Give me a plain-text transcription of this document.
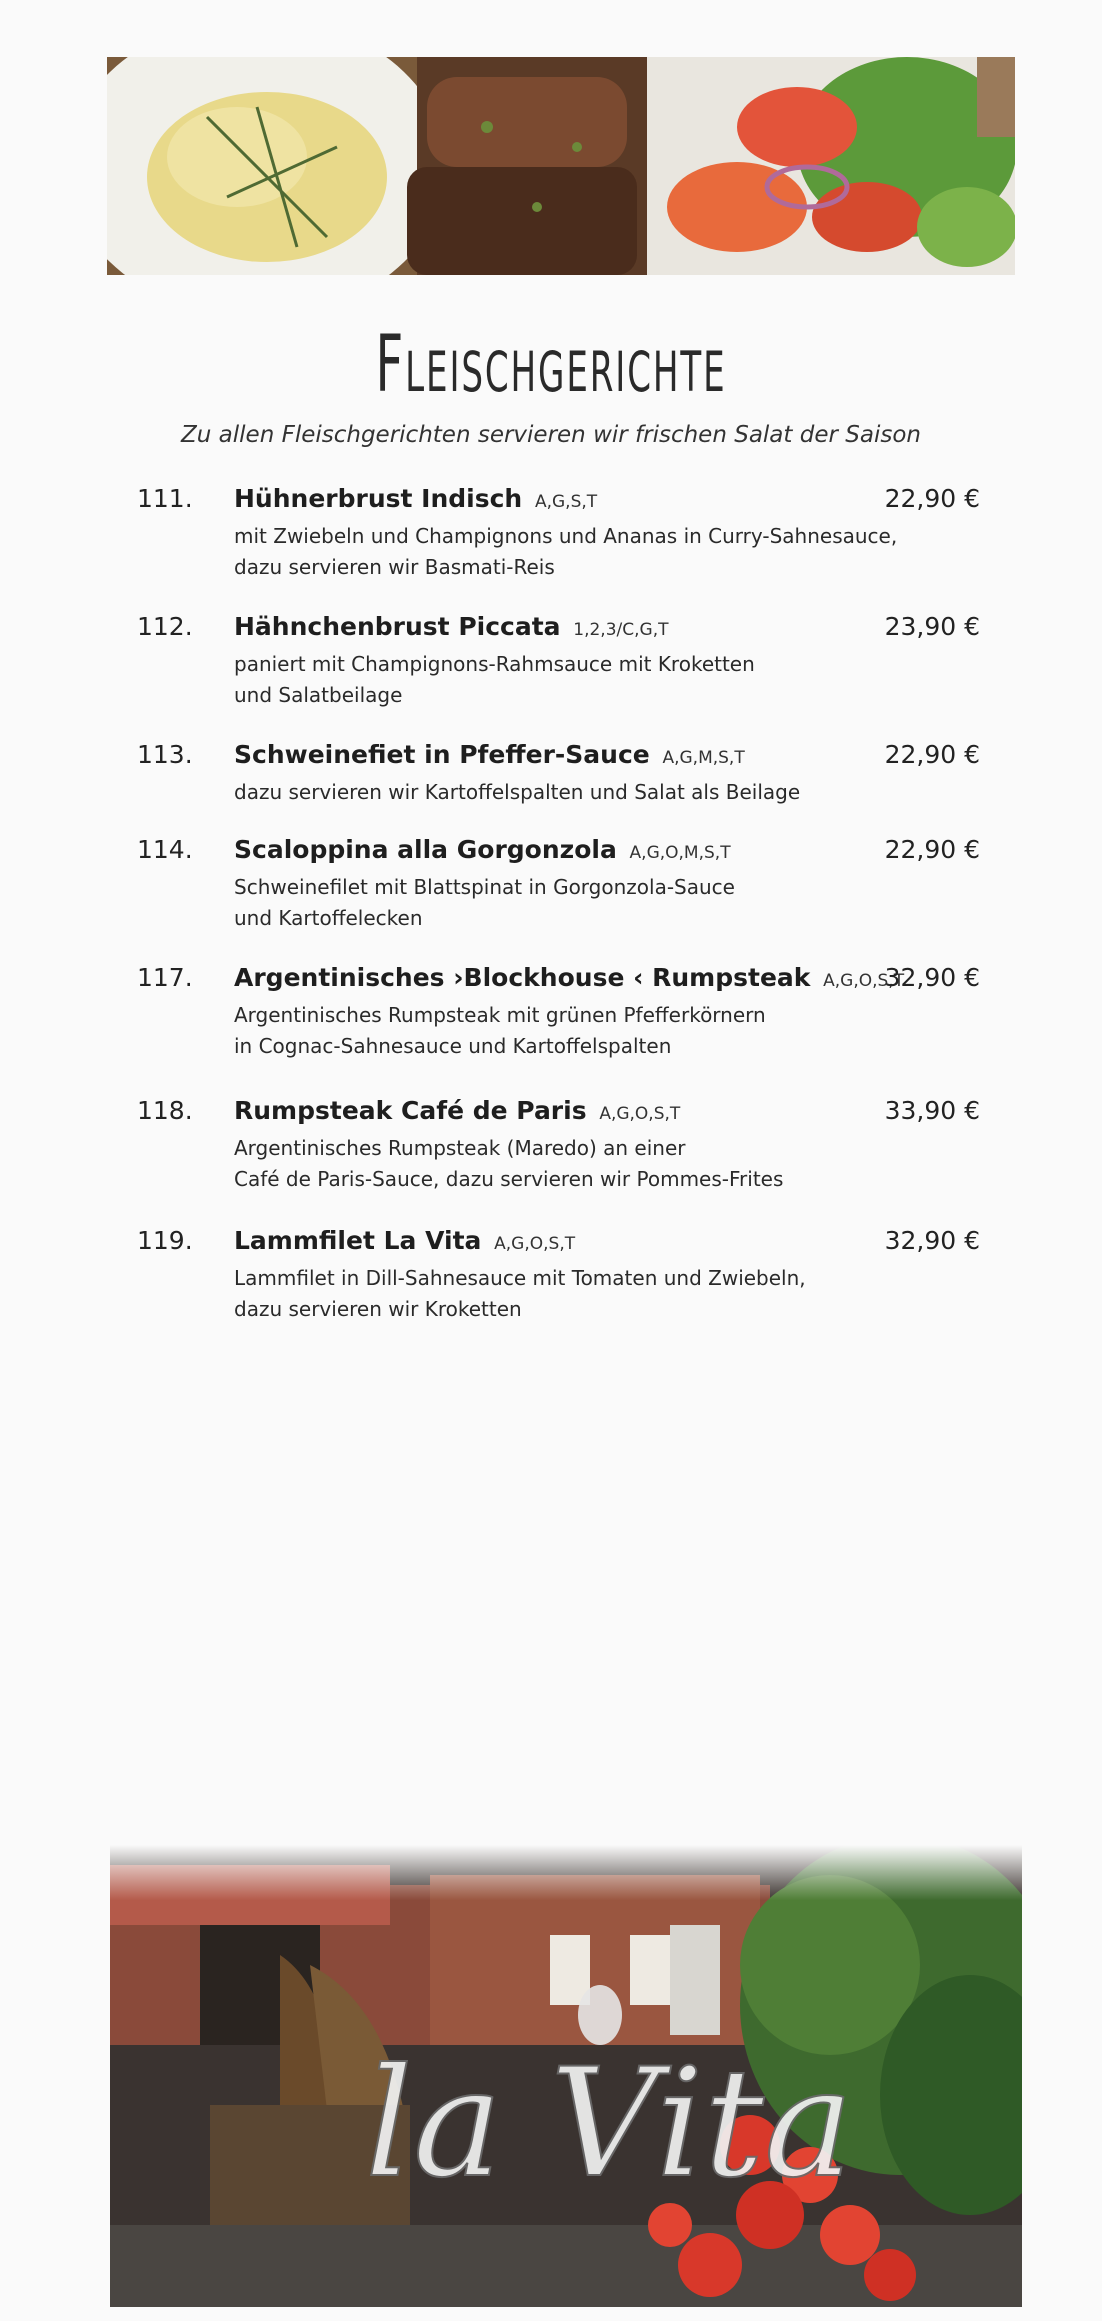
Fleischgerichte
Zu allen Fleischgerichten servieren wir frischen Salat der Saison
111. Hühnerbrust Indisch A,G,S,T	22,90 €
mit Zwiebeln und Champignons und Ananas in Curry-Sahnesauce,
dazu servieren wir Basmati-Reis
112. Hähnchenbrust Piccata 1,2,3/C,G,T	23,90 €
paniert mit Champignons-Rahmsauce mit Kroketten
und Salatbeilage
113. Schweinefiet in Pfeffer-Sauce A,G,M,S,T	22,90 €
dazu servieren wir Kartoffelspalten und Salat als Beilage
114. Scaloppina alla Gorgonzola A,G,O,M,S,T	22,90 €
Schweinefilet mit Blattspinat in Gorgonzola-Sauce
und Kartoffelecken
117. Argentinisches ›Blockhouse ‹ Rumpsteak A,G,O,S,T
32,90 €
Argentinisches Rumpsteak mit grünen Pfefferkörnern
in Cognac-Sahnesauce und Kartoffelspalten
118. Rumpsteak Café de Paris A,G,O,S,T	33,90 €
Argentinisches Rumpsteak (Maredo) an einer
Café de Paris-Sauce, dazu servieren wir Pommes-Frites
119. Lammfilet La Vita A,G,O,S,T	32,90 €
Lammfilet in Dill-Sahnesauce mit Tomaten und Zwiebeln,
dazu servieren wir Kroketten
la Vita
